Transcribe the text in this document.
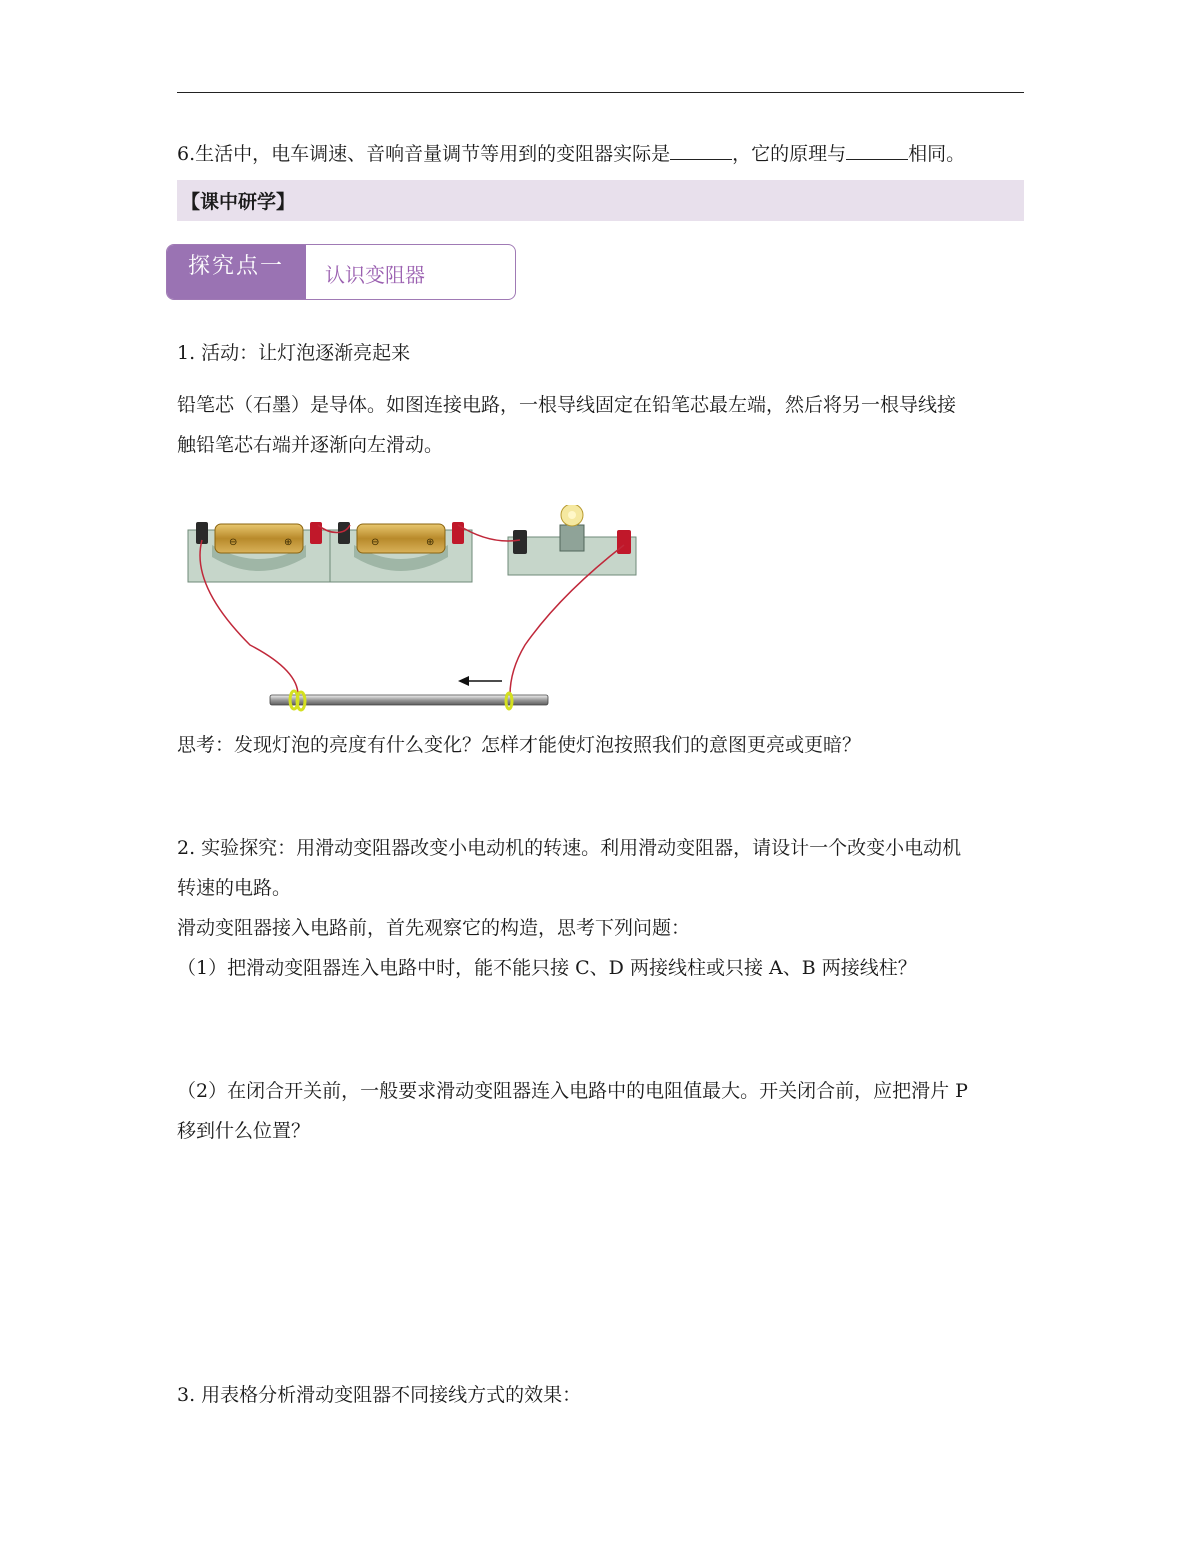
6.生活中，电车调速、音响音量调节等用到的变阻器实际是	，它的原理与	相同。
【课中研学】
探究点一	认识变阻器
1. 活动：让灯泡逐渐亮起来
铅笔芯（石墨）是导体。如图连接电路，一根导线固定在铅笔芯最左端，然后将另一根导线接
触铅笔芯右端并逐渐向左滑动。
⊖	⊕	⊖	⊕
思考：发现灯泡的亮度有什么变化？怎样才能使灯泡按照我们的意图更亮或更暗？
2. 实验探究：用滑动变阻器改变小电动机的转速。利用滑动变阻器，请设计一个改变小电动机
转速的电路。
滑动变阻器接入电路前，首先观察它的构造，思考下列问题：
（1）把滑动变阻器连入电路中时，能不能只接 C、D 两接线柱或只接 A、B 两接线柱？
（2）在闭合开关前，一般要求滑动变阻器连入电路中的电阻值最大。开关闭合前，应把滑片 P
移到什么位置？
3. 用表格分析滑动变阻器不同接线方式的效果：
